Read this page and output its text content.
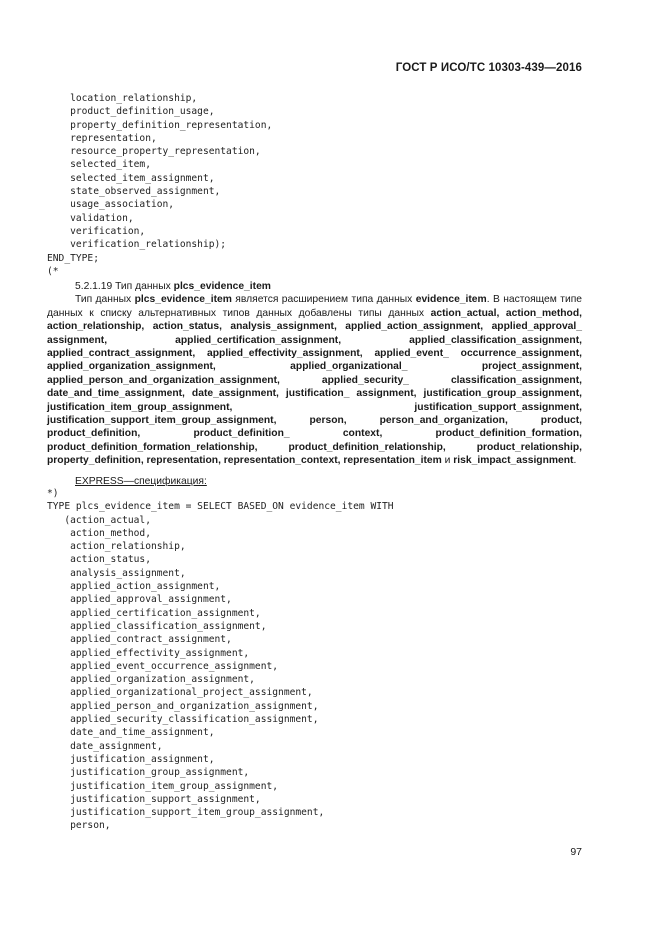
ГОСТ Р ИСО/ТС 10303-439—2016
location_relationship,
product_definition_usage,
property_definition_representation,
representation,
resource_property_representation,
selected_item,
selected_item_assignment,
state_observed_assignment,
usage_association,
validation,
verification,
verification_relationship);
END_TYPE;
(*

5.2.1.19 Тип данных plcs_evidence_item

Тип данных plcs_evidence_item является расширением типа данных evidence_item. В настоящем типе данных к списку альтернативных типов данных добавлены типы данных action_actual, action_method, action_relationship, action_status, analysis_assignment, applied_action_assignment, applied_approval_ assignment, applied_certification_assignment, applied_classification_assignment, applied_contract_assignment, applied_effectivity_assignment, applied_event_ occurrence_assignment, applied_organization_assignment, applied_organizational_ project_assignment, applied_person_and_organization_assignment, applied_security_ classification_assignment, date_and_time_assignment, date_assignment, justification_ assignment, justification_group_assignment, justification_item_group_assignment, justification_support_assignment, justification_support_item_group_assignment, person, person_and_organization, product, product_definition, product_definition_ context, product_definition_formation, product_definition_formation_relationship, product_definition_relationship, product_relationship, property_definition, representation, representation_context, representation_item и risk_impact_assignment.

EXPRESS—спецификация:
*)
TYPE plcs_evidence_item = SELECT BASED_ON evidence_item WITH
(action_actual,
action_method,
action_relationship,
action_status,
analysis_assignment,
applied_action_assignment,
applied_approval_assignment,
applied_certification_assignment,
applied_classification_assignment,
applied_contract_assignment,
applied_effectivity_assignment,
applied_event_occurrence_assignment,
applied_organization_assignment,
applied_organizational_project_assignment,
applied_person_and_organization_assignment,
applied_security_classification_assignment,
date_and_time_assignment,
date_assignment,
justification_assignment,
justification_group_assignment,
justification_item_group_assignment,
justification_support_assignment,
justification_support_item_group_assignment,
person,

97
